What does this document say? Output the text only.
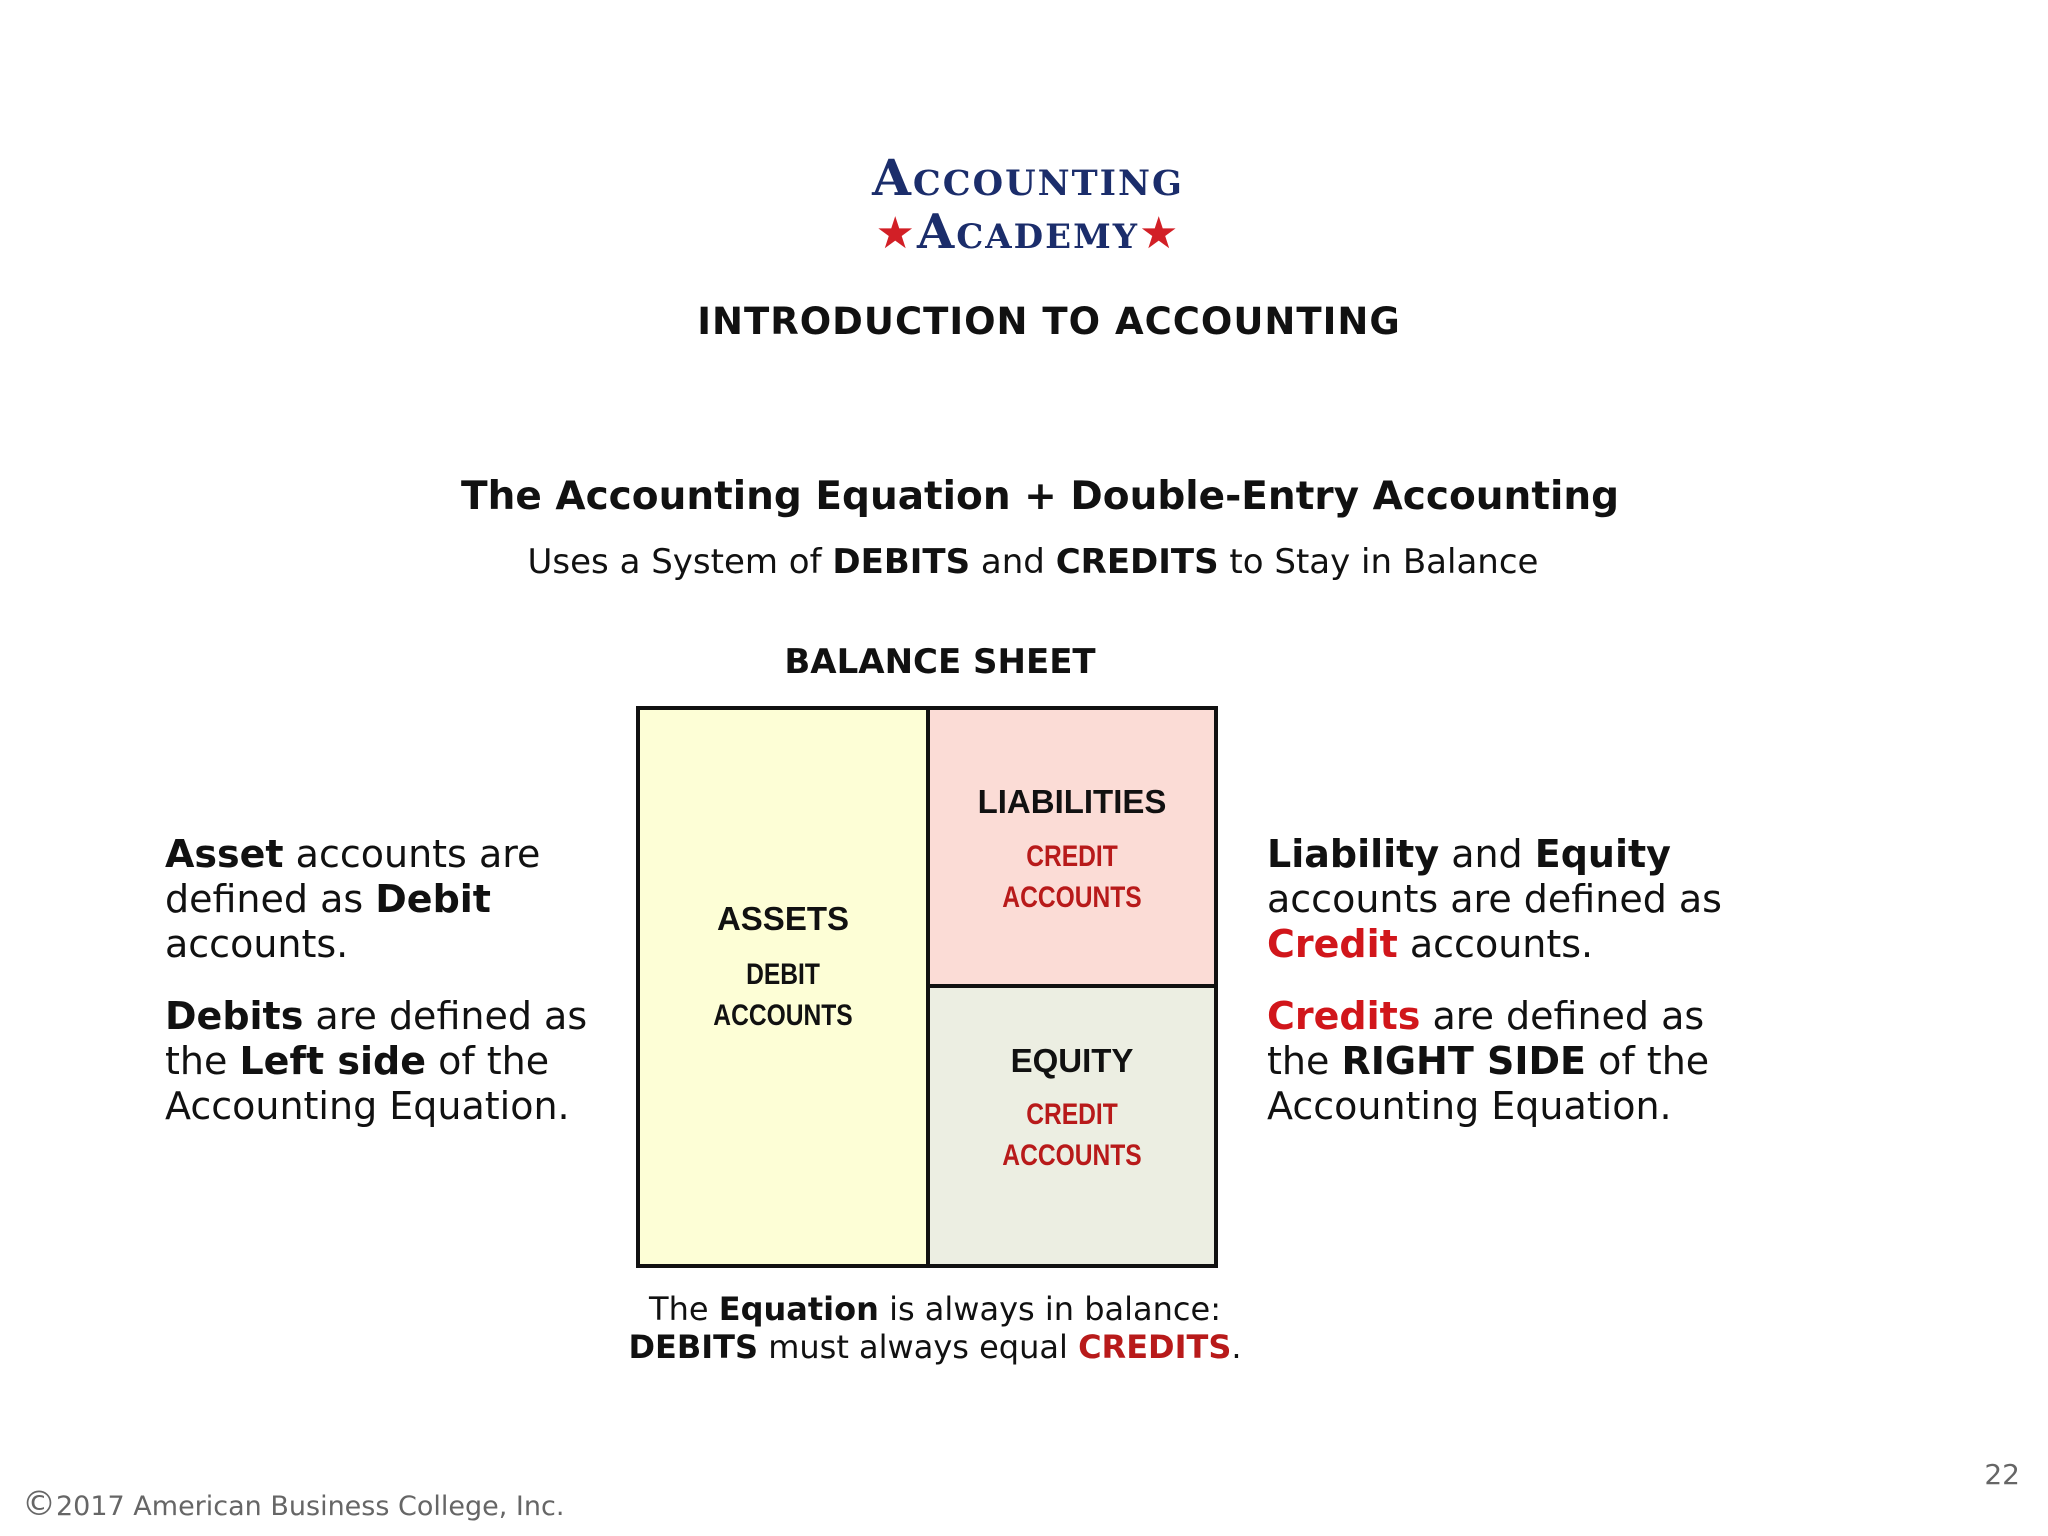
Accounting
★Academy★
INTRODUCTION TO ACCOUNTING
The Accounting Equation + Double-Entry Accounting
Uses a System of DEBITS and CREDITS to Stay in Balance
BALANCE SHEET
ASSETS
DEBIT
ACCOUNTS
LIABILITIES
CREDIT
ACCOUNTS
EQUITY
CREDIT
ACCOUNTS

Asset accounts are defined as Debit accounts.

Debits are defined as the Left side of the Accounting Equation.

Liability and Equity accounts are defined as Credit accounts.

Credits are defined as the RIGHT SIDE of the Accounting Equation.

The Equation is always in balance:
DEBITS must always equal CREDITS.
22
©2017 American Business College, Inc.
